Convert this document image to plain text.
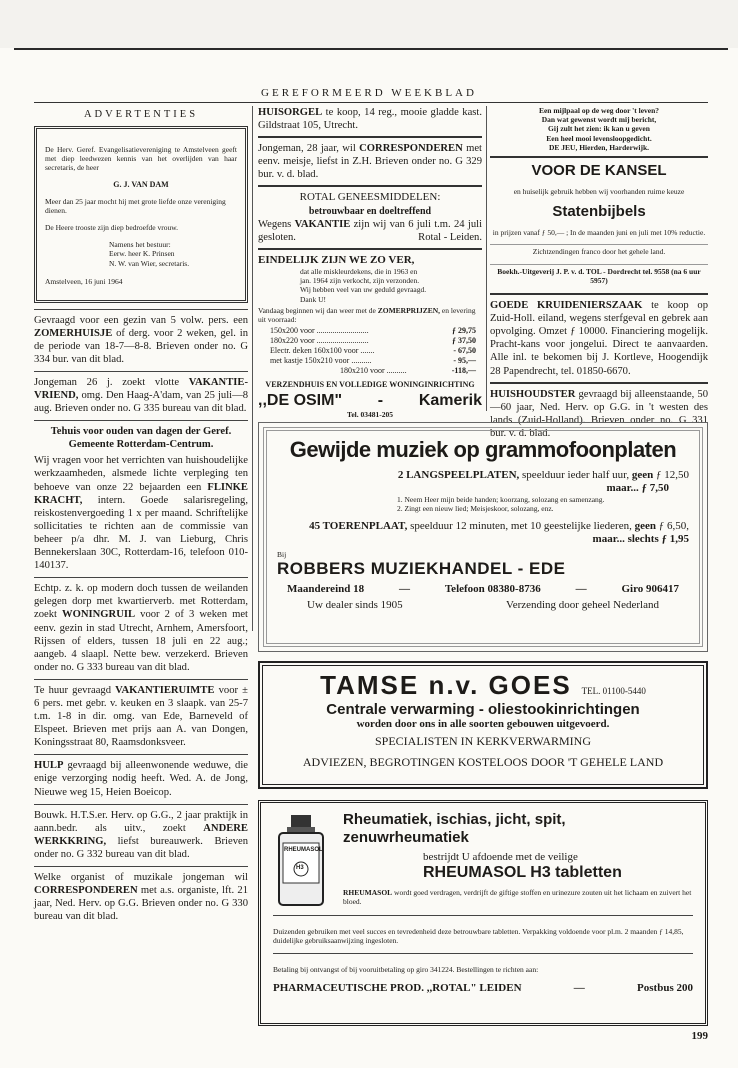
GEREFORMEERD WEEKBLAD
ADVERTENTIES

De Herv. Geref. Evangelisatievereniging te Amstelveen geeft met diep leedwezen kennis van het overlijden van haar secretaris, de heer

G. J. VAN DAM

Meer dan 25 jaar mocht hij met grote liefde onze vereniging dienen.

De Heere trooste zijn diep bedroefde vrouw.

Namens het bestuur:
Eerw. heer K. Prinsen
N. W. van Wier, secretaris.

Amstelveen, 16 juni 1964

Gevraagd voor een gezin van 5 volw. pers. een ZOMERHUISJE of derg. voor 2 weken, gel. in de periode van 18-7—8-8. Brieven onder no. G 334 bur. van dit blad.

Jongeman 26 j. zoekt vlotte VAKANTIE-VRIEND, omg. Den Haag-A'dam, van 25 juli—8 aug. Brieven onder no. G 335 bureau van dit blad.

Tehuis voor ouden van dagen der Geref. Gemeente Rotterdam-Centrum.

Wij vragen voor het verrichten van huishoudelijke werkzaamheden, alsmede lichte verpleging ten behoeve van onze 22 bejaarden een FLINKE KRACHT, intern. Goede salarisregeling, reiskostenvergoeding 1 x per maand. Schriftelijke sollicitaties te richten aan de commissie van beheer p/a dhr. M. J. van Lieburg, Chris Bennekerslaan 30C, Rotterdam-16, telefoon 010-140137.

Echtp. z. k. op modern doch tussen de weilanden gelegen dorp met kwartierverb. met Rotterdam, zoekt WONINGRUIL voor 2 of 3 weken met eenv. gezin in stad Utrecht, Arnhem, Amersfoort, Rijssen of elders, tussen 18 juli en 22 aug.; aangeb. 4 slaapl. Nette bew. verzekerd. Brieven onder no. G 333 bureau van dit blad.

Te huur gevraagd VAKANTIERUIMTE voor ± 6 pers. met gebr. v. keuken en 3 slaapk. van 25-7 t.m. 1-8 in dir. omg. van Ede, Barneveld of Elspeet. Brieven met prijs aan A. van Dongen, Koningsstraat 80, Raamsdonksveer.

HULP gevraagd bij alleenwonende weduwe, die enige verzorging nodig heeft. Wed. A. de Jong, Nieuwe weg 15, Heien Boeicop.

Bouwk. H.T.S.er. Herv. op G.G., 2 jaar praktijk in aann.bedr. als uitv., zoekt ANDERE WERKKRING, liefst bureauwerk. Brieven onder no. G 332 bureau van dit blad.

Welke organist of muzikale jongeman wil CORRESPONDEREN met a.s. organiste, lft. 21 jaar, Ned. Herv. op G.G. Brieven onder no. G 330 bureau van dit blad.

HUISORGEL te koop, 14 reg., mooie gladde kast. Gildstraat 105, Utrecht.

Jongeman, 28 jaar, wil CORRESPONDEREN met eenv. meisje, liefst in Z.H. Brieven onder no. G 329 bur. v. d. blad.

ROTAL GENEESMIDDELEN:

betrouwbaar en doeltreffend

Wegens VAKANTIE zijn wij van 6 juli t.m. 24 juli gesloten.	Rotal - Leiden.

EINDELIJK ZIJN WE ZO VER,

dat alle miskleurdekens, die in 1963 en
jan. 1964 zijn verkocht, zijn verzonden.
Wij hebben veel van uw geduld gevraagd.
Dank U!

Vandaag beginnen wij dan weer met de ZOMERPRIJZEN, en levering uit voorraad:

150x200 voor ..........................	ƒ 29,75
180x220 voor ..........................	ƒ 37,50
Electr. deken 160x100 voor .......	- 67,50
met kastje 150x210 voor ..........	- 95,—
180x210 voor ..........	-118,—

VERZENDHUIS EN VOLLEDIGE WONINGINRICHTING

,,DE OSIM" - Kamerik

Tel. 03481-205

Een mijlpaal op de weg door 't leven?
Dan wat gewenst wordt mij bericht,
Gij zult het zien: ik kan u geven
Een heel mooi levensloopgedicht.
DE JEU, Hierden, Harderwijk.
VOOR DE KANSEL

en huiselijk gebruik hebben wij voorhanden ruime keuze

Statenbijbels

in prijzen vanaf ƒ 50,— ; In de maanden juni en juli met 10% reductie.

Zichtzendingen franco door het gehele land.

Boekh.-Uitgeverij J. P. v. d. TOL - Dordrecht tel. 9558 (na 6 uur 5957)

GOEDE KRUIDENIERSZAAK te koop op Zuid-Holl. eiland, wegens sterfgeval en gebrek aan opvolging. Omzet ƒ 10000. Financiering mogelijk. Pracht-kans voor jongelui. Direct te aanvaarden. Alle inl. te bekomen bij J. Kortleve, Hoogendijk 28 Papendrecht, tel. 01850-6670.

HUISHOUDSTER gevraagd bij alleenstaande, 50—60 jaar, Ned. Herv. op G.G. in 't westen des lands (Zuid-Holland). Brieven onder no. G 331 bur. v. d. blad.

Gewijde muziek op grammofoonplaten

2 LANGSPEELPLATEN, speelduur ieder half uur, geen ƒ 12,50

maar... ƒ 7,50

1. Neem Heer mijn beide handen; koorzang, solozang en samenzang.
2. Zingt een nieuw lied; Meisjeskoor, solozang, enz.

45 TOERENPLAAT, speelduur 12 minuten, met 10 geestelijke liederen, geen ƒ 6,50, maar... slechts ƒ 1,95

Bij

ROBBERS MUZIEKHANDEL - EDE
Maandereind 18	—	Telefoon 08380-8736	—	Giro 906417
Uw dealer sinds 1905	Verzending door geheel Nederland
TAMSE n.v. GOES TEL. 01100-5440
Centrale verwarming - oliestookinrichtingen
worden door ons in alle soorten gebouwen uitgevoerd.
SPECIALISTEN IN KERKVERWARMING
ADVIEZEN, BEGROTINGEN KOSTELOOS DOOR 'T GEHELE LAND
RHEUMASOL
H3
Rheumatiek, ischias, jicht, spit, zenuwrheumatiek

bestrijdt U afdoende met de veilige

RHEUMASOL H3 tabletten

RHEUMASOL wordt goed verdragen, verdrijft de giftige stoffen en urinezure zouten uit het lichaam en zuivert het bloed.

Duizenden gebruiken met veel succes en tevredenheid deze betrouwbare tabletten. Verpakking voldoende voor pl.m. 2 maanden ƒ 14,85, duidelijke gebruiksaanwijzing ingesloten.

Betaling bij ontvangst of bij vooruitbetaling op giro 341224. Bestellingen te richten aan:

PHARMACEUTISCHE PROD. ,,ROTAL" LEIDEN	—	Postbus 200
199
